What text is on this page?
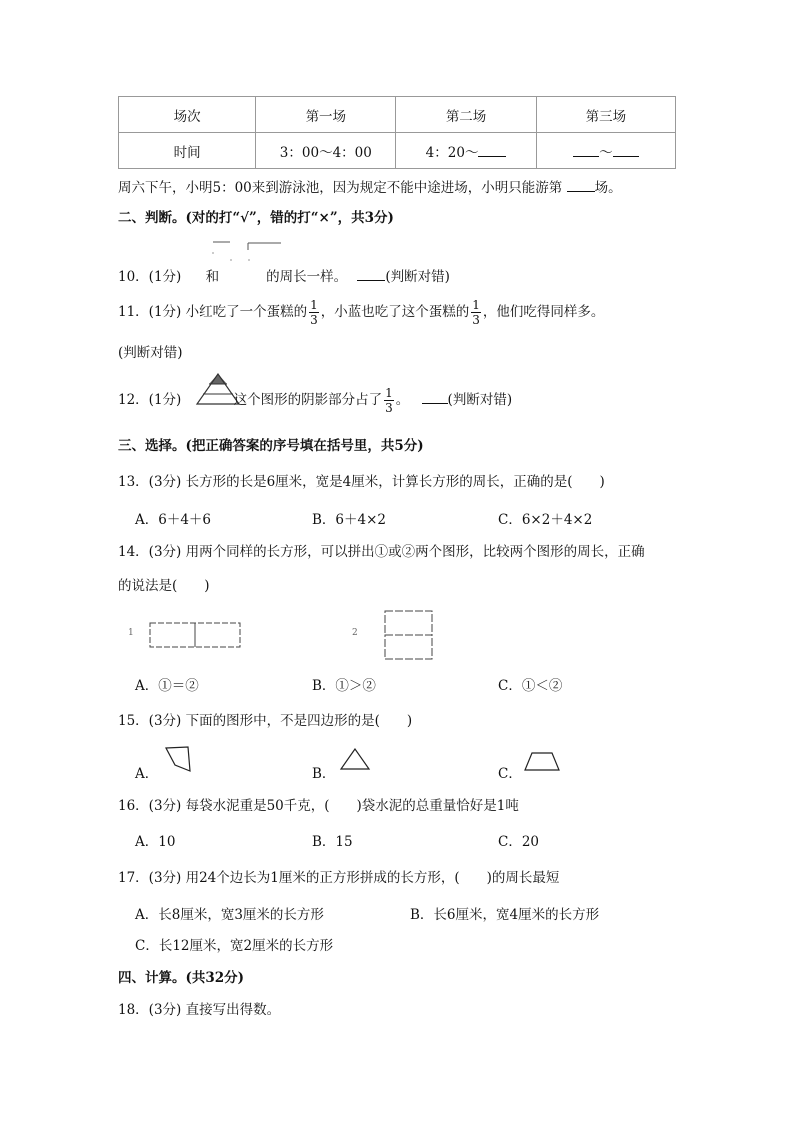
场次	第一场	第二场	第三场
时间	3：00～4：00	4：20～	～
周六下午，小明5：00来到游泳池，因为规定不能中途进场，小明只能游第 场。
二、判断。(对的打“√”，错的打“×”，共3分)
10．(1分) 和	的周长一样。	(判断对错)
11．(1分) 小红吃了一个蛋糕的 $\frac{1}{3}$ ，小蓝也吃了这个蛋糕的 $\frac{1}{3}$ ，他们吃得同样多。
(判断对错)
12．(1分)	这个图形的阴影部分占了 $\frac{1}{3}$ 。	(判断对错)
三、选择。(把正确答案的序号填在括号里，共5分)
13．(3分) 长方形的长是6厘米，宽是4厘米，计算长方形的周长，正确的是(　　)
A．6＋4＋6	B．6＋4×2	C．6×2＋4×2
14．(3分) 用两个同样的长方形，可以拼出①或②两个图形，比较两个图形的周长，正确
的说法是(　　)
1	2
A．①＝②	B．①＞②	C．①＜②
15．(3分) 下面的图形中，不是四边形的是(　　)
A．	B．	C．
16．(3分) 每袋水泥重是50千克，(　　)袋水泥的总重量恰好是1吨
A．10	B．15	C．20
17．(3分) 用24个边长为1厘米的正方形拼成的长方形，(　　)的周长最短
A．长8厘米，宽3厘米的长方形	B．长6厘米，宽4厘米的长方形
C．长12厘米，宽2厘米的长方形
四、计算。(共32分)
18．(3分) 直接写出得数。
